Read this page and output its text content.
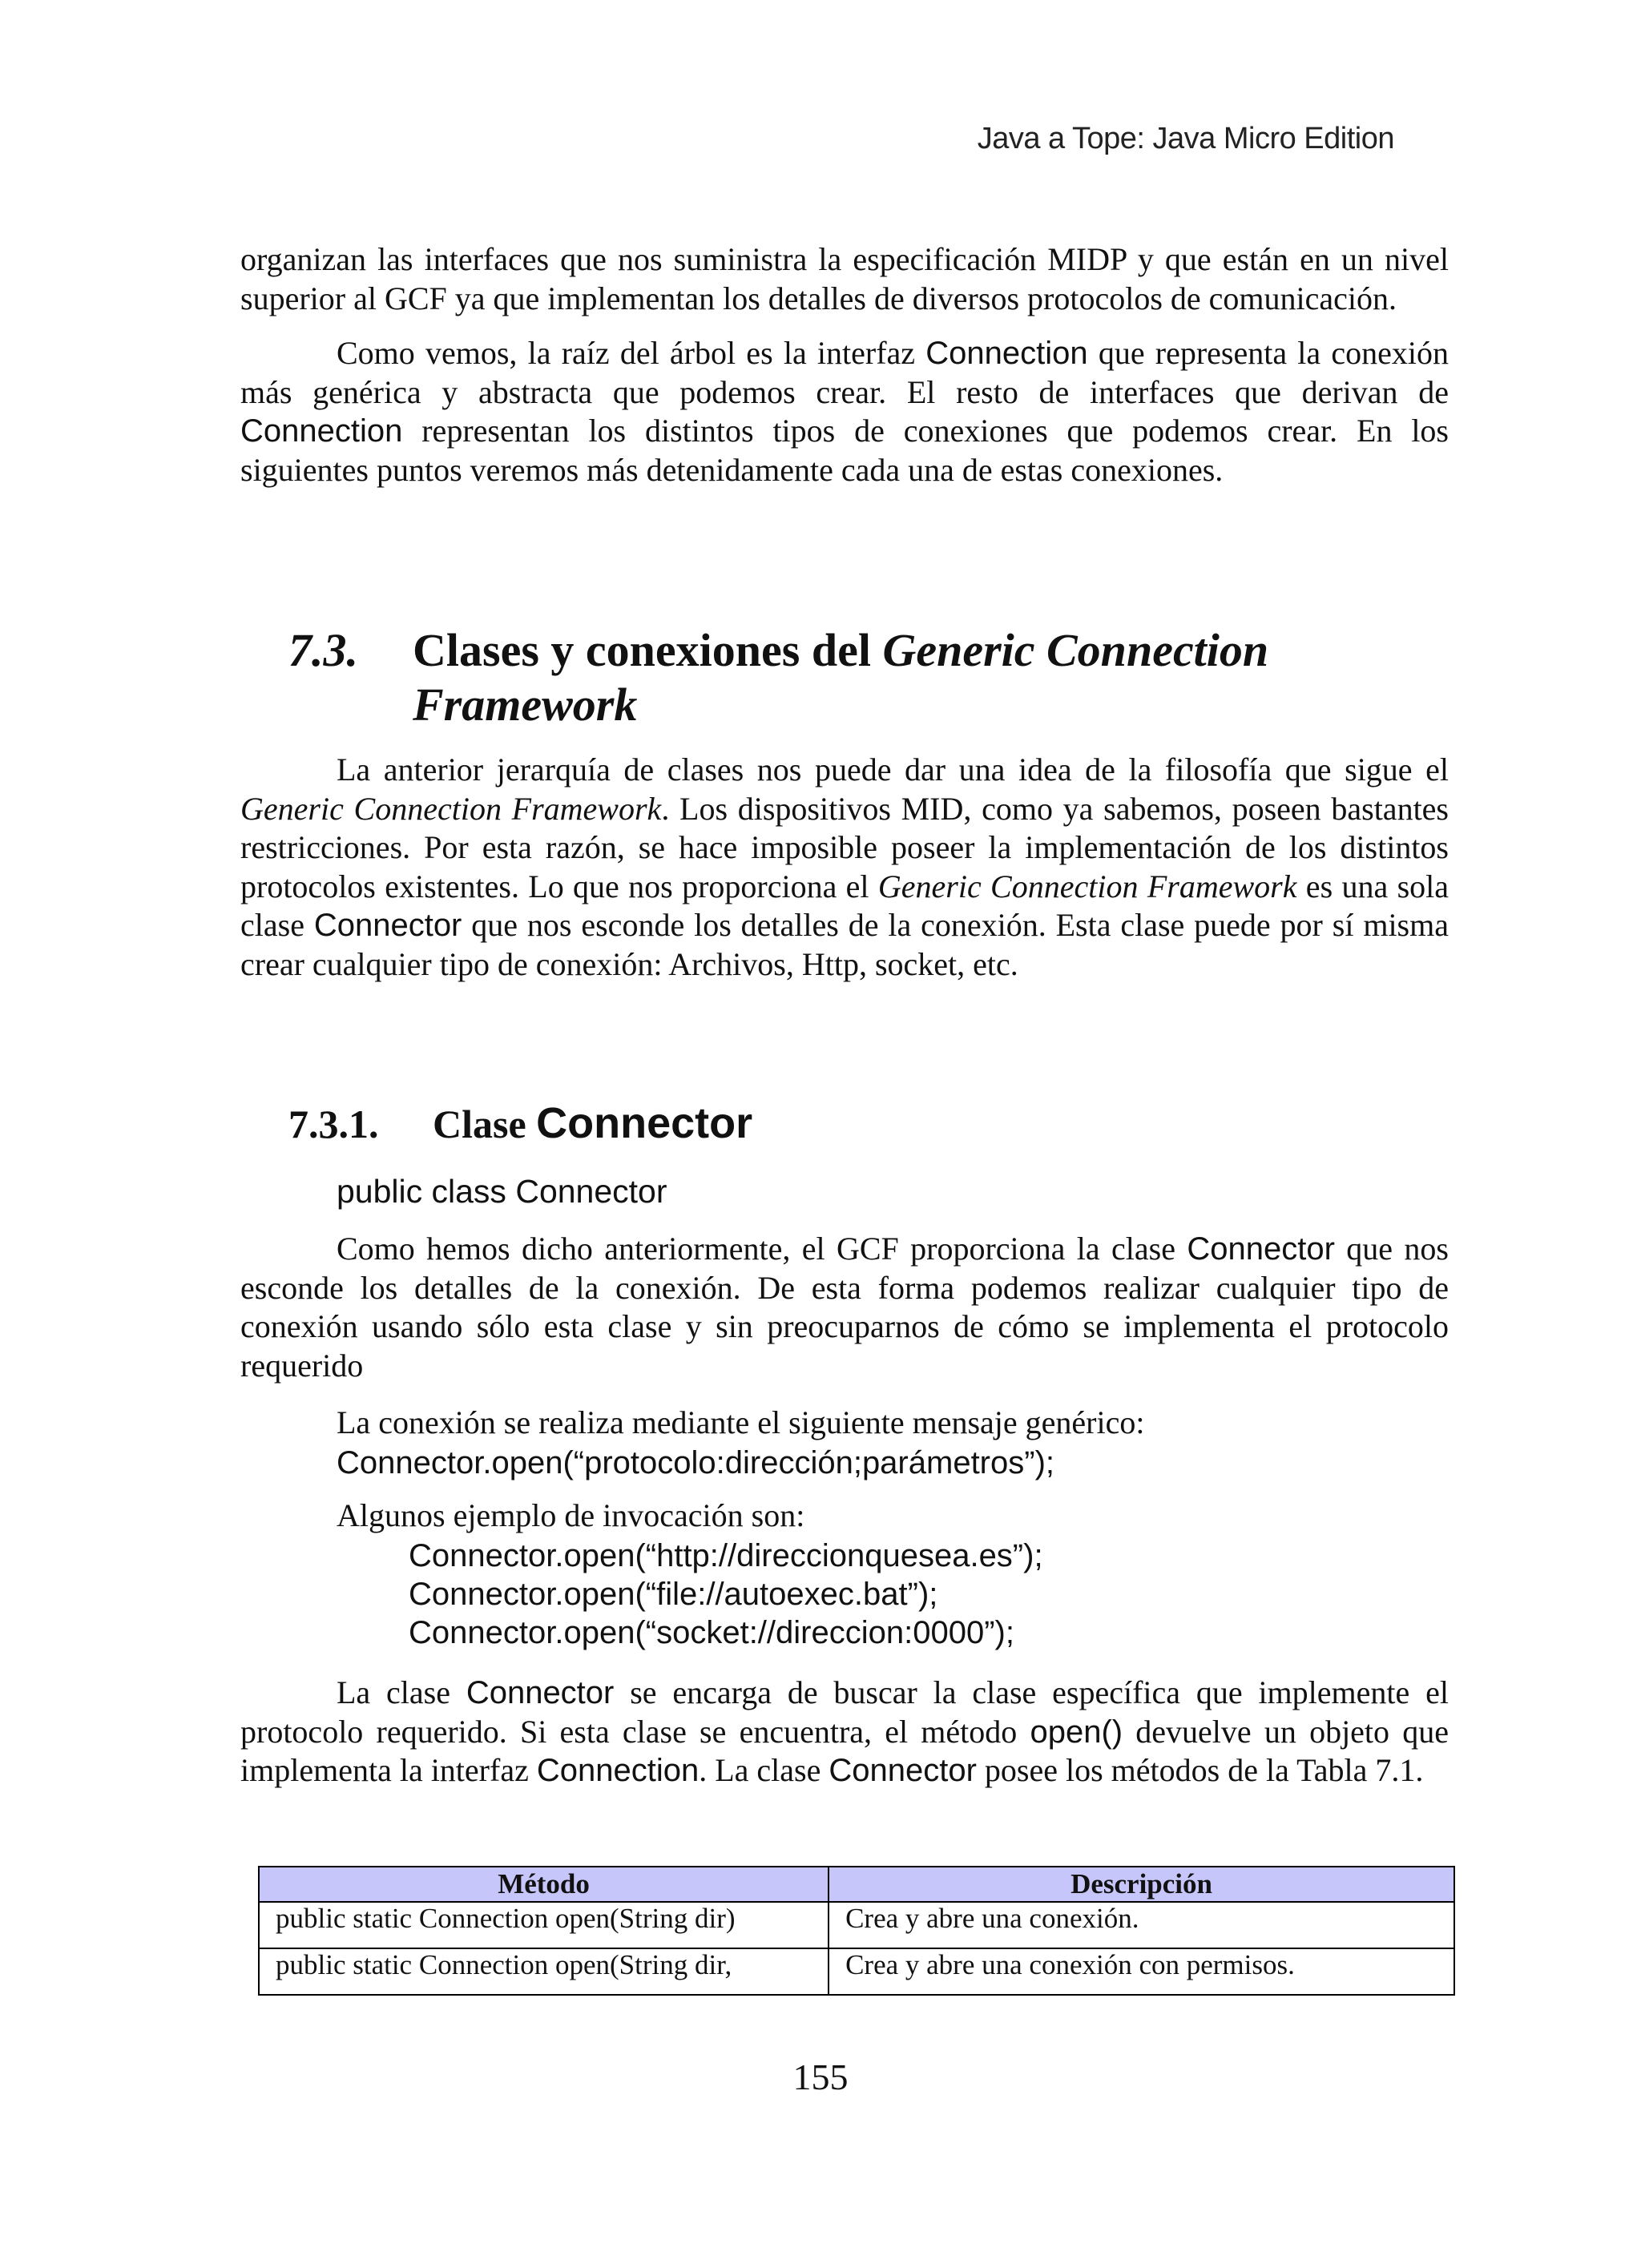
Java a Tope: Java Micro Edition

organizan las interfaces que nos suministra la especificación MIDP y que están en un nivel superior al GCF ya que implementan los detalles de diversos protocolos de comunicación.

Como vemos, la raíz del árbol es la interfaz Connection que representa la conexión más genérica y abstracta que podemos crear. El resto de interfaces que derivan de Connection representan los distintos tipos de conexiones que podemos crear. En los siguientes puntos veremos más detenidamente cada una de estas conexiones.

7.3. Clases y conexiones del Generic Connection Framework

La anterior jerarquía de clases nos puede dar una idea de la filosofía que sigue el Generic Connection Framework. Los dispositivos MID, como ya sabemos, poseen bastantes restricciones. Por esta razón, se hace imposible poseer la implementación de los distintos protocolos existentes. Lo que nos proporciona el Generic Connection Framework es una sola clase Connector que nos esconde los detalles de la conexión. Esta clase puede por sí misma crear cualquier tipo de conexión: Archivos, Http, socket, etc.

7.3.1. Clase Connector
public class Connector

Como hemos dicho anteriormente, el GCF proporciona la clase Connector que nos esconde los detalles de la conexión. De esta forma podemos realizar cualquier tipo de conexión usando sólo esta clase y sin preocuparnos de cómo se implementa el protocolo requerido

La conexión se realiza mediante el siguiente mensaje genérico:
Connector.open(“protocolo:dirección;parámetros”);
Algunos ejemplo de invocación son:
Connector.open(“http://direccionquesea.es”);
Connector.open(“file://autoexec.bat”);
Connector.open(“socket://direccion:0000”);

La clase Connector se encarga de buscar la clase específica que implemente el protocolo requerido. Si esta clase se encuentra, el método open() devuelve un objeto que implementa la interfaz Connection. La clase Connector posee los métodos de la Tabla 7.1.

Método	Descripción
public static Connection open(String dir)	Crea y abre una conexión.
public static Connection open(String dir,	Crea y abre una conexión con permisos.
155
